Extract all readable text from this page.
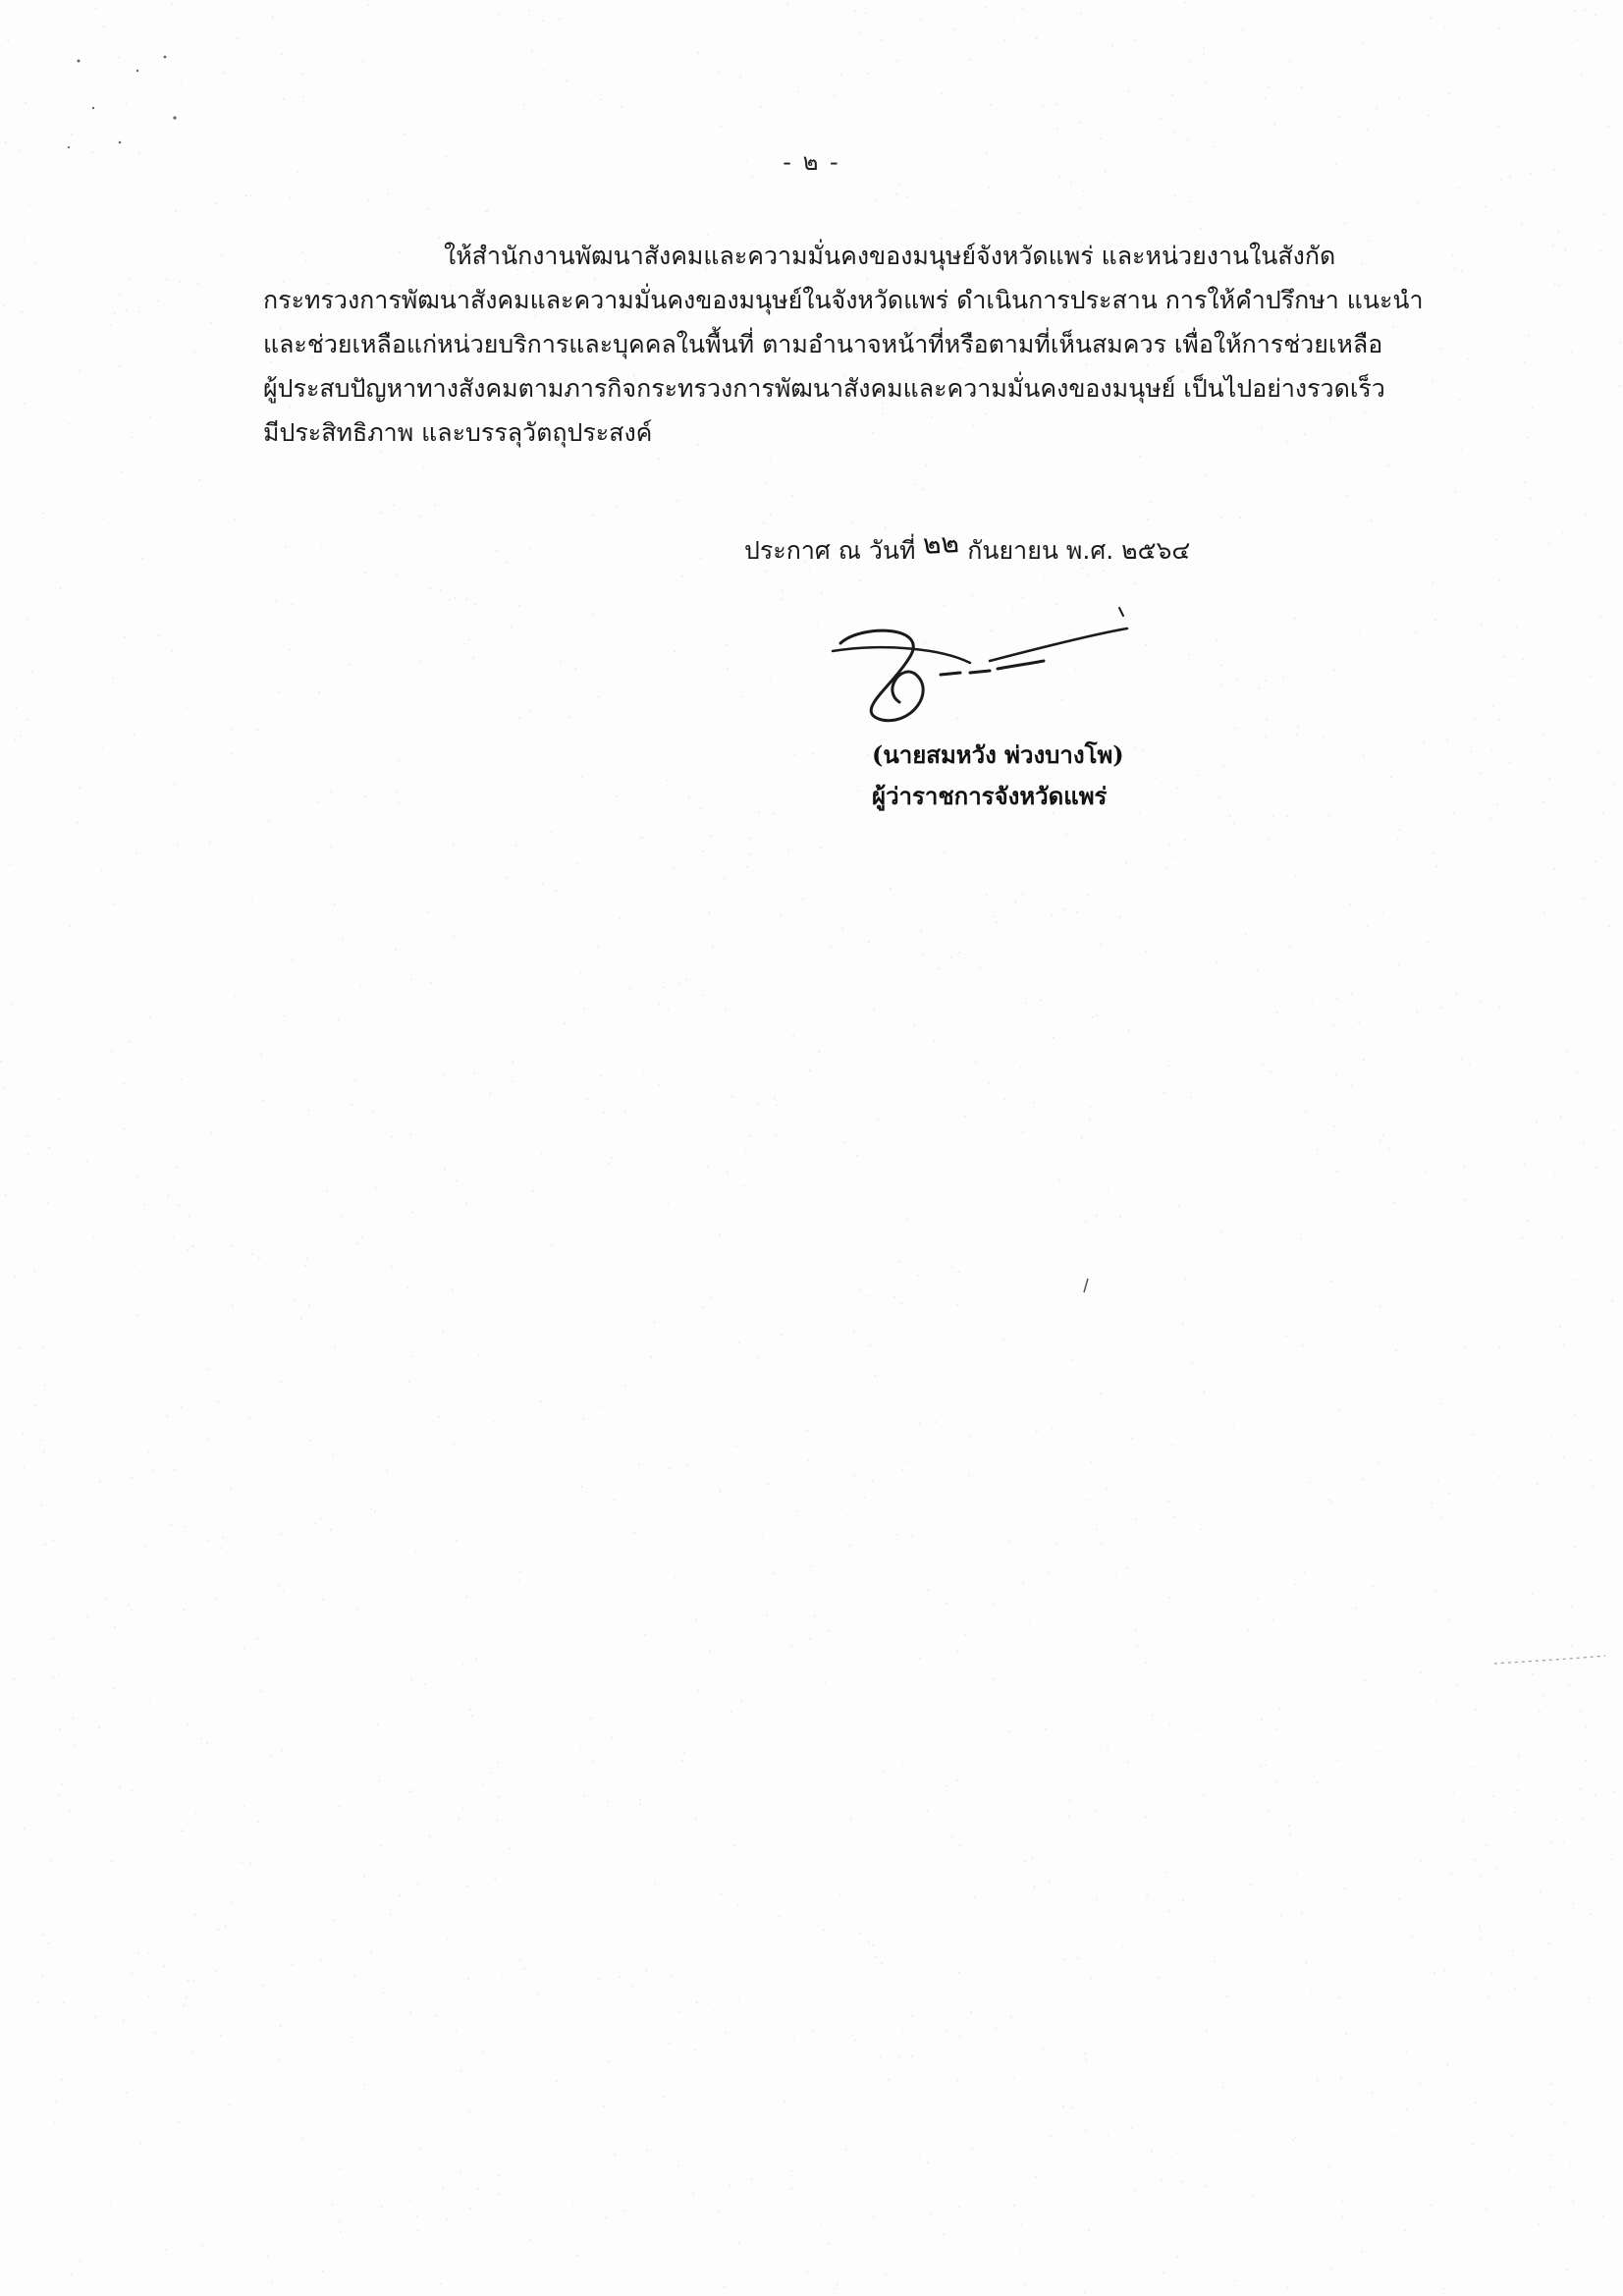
- ๒ -
ให้สำนักงานพัฒนาสังคมและความมั่นคงของมนุษย์จังหวัดแพร่ และหน่วยงานในสังกัด
กระทรวงการพัฒนาสังคมและความมั่นคงของมนุษย์ในจังหวัดแพร่ ดำเนินการประสาน การให้คำปรึกษา แนะนำ
และช่วยเหลือแก่หน่วยบริการและบุคคลในพื้นที่ ตามอำนาจหน้าที่หรือตามที่เห็นสมควร เพื่อให้การช่วยเหลือ
ผู้ประสบปัญหาทางสังคมตามภารกิจกระทรวงการพัฒนาสังคมและความมั่นคงของมนุษย์ เป็นไปอย่างรวดเร็ว
มีประสิทธิภาพ และบรรลุวัตถุประสงค์
ประกาศ ณ วันที่ ๒๒ กันยายน พ.ศ. ๒๕๖๔
(นายสมหวัง พ่วงบางโพ)
ผู้ว่าราชการจังหวัดแพร่
